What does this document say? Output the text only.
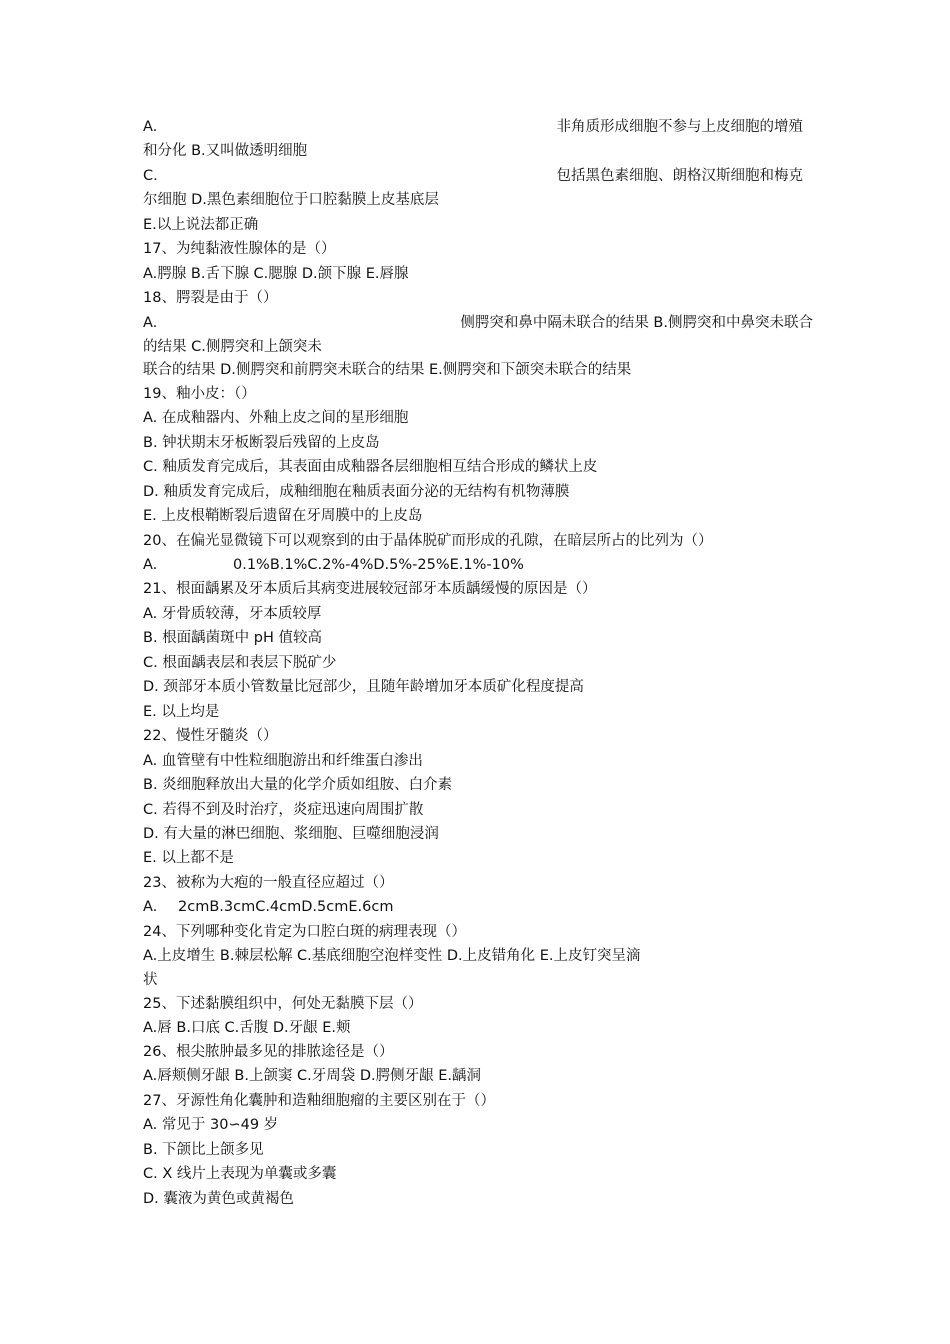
A.	非角质形成细胞不参与上皮细胞的增殖
和分化 B.又叫做透明细胞
C.	包括黑色素细胞、朗格汉斯细胞和梅克
尔细胞 D.黑色素细胞位于口腔黏膜上皮基底层
E.以上说法都正确
17、为纯黏液性腺体的是（）
A.腭腺 B.舌下腺 C.腮腺 D.颌下腺 E.唇腺
18、腭裂是由于（）
A.	侧腭突和鼻中隔未联合的结果 B.侧腭突和中鼻突未联合
的结果 C.侧腭突和上颌突未
联合的结果 D.侧腭突和前腭突未联合的结果 E.侧腭突和下颌突未联合的结果
19、釉小皮：（）
A. 在成釉器内、外釉上皮之间的星形细胞
B. 钟状期末牙板断裂后残留的上皮岛
C. 釉质发育完成后，其表面由成釉器各层细胞相互结合形成的鳞状上皮
D. 釉质发育完成后，成釉细胞在釉质表面分泌的无结构有机物薄膜
E. 上皮根鞘断裂后遗留在牙周膜中的上皮岛
20、在偏光显微镜下可以观察到的由于晶体脱矿而形成的孔隙，在暗层所占的比列为（）
A.	0.1%B.1%C.2%-4%D.5%-25%E.1%-10%
21、根面龋累及牙本质后其病变进展较冠部牙本质龋缓慢的原因是（）
A. 牙骨质较薄，牙本质较厚
B. 根面龋菌斑中 pH 值较高
C. 根面龋表层和表层下脱矿少
D. 颈部牙本质小管数量比冠部少，且随年龄增加牙本质矿化程度提高
E. 以上均是
22、慢性牙髓炎（）
A. 血管壁有中性粒细胞游出和纤维蛋白渗出
B. 炎细胞释放出大量的化学介质如组胺、白介素
C. 若得不到及时治疗，炎症迅速向周围扩散
D. 有大量的淋巴细胞、浆细胞、巨噬细胞浸润
E. 以上都不是
23、被称为大疱的一般直径应超过（）
A. 2cmB.3cmC.4cmD.5cmE.6cm
24、下列哪种变化肯定为口腔白斑的病理表现（）
A.上皮增生 B.棘层松解 C.基底细胞空泡样变性 D.上皮错角化 E.上皮钉突呈滴
状
25、下述黏膜组织中，何处无黏膜下层（）
A.唇 B.口底 C.舌腹 D.牙龈 E.颊
26、根尖脓肿最多见的排脓途径是（）
A.唇颊侧牙龈 B.上颌窦 C.牙周袋 D.腭侧牙龈 E.龋洞
27、牙源性角化囊肿和造釉细胞瘤的主要区别在于（）
A. 常见于 30∽49 岁
B. 下颌比上颌多见
C. X 线片上表现为单囊或多囊
D. 囊液为黄色或黄褐色
